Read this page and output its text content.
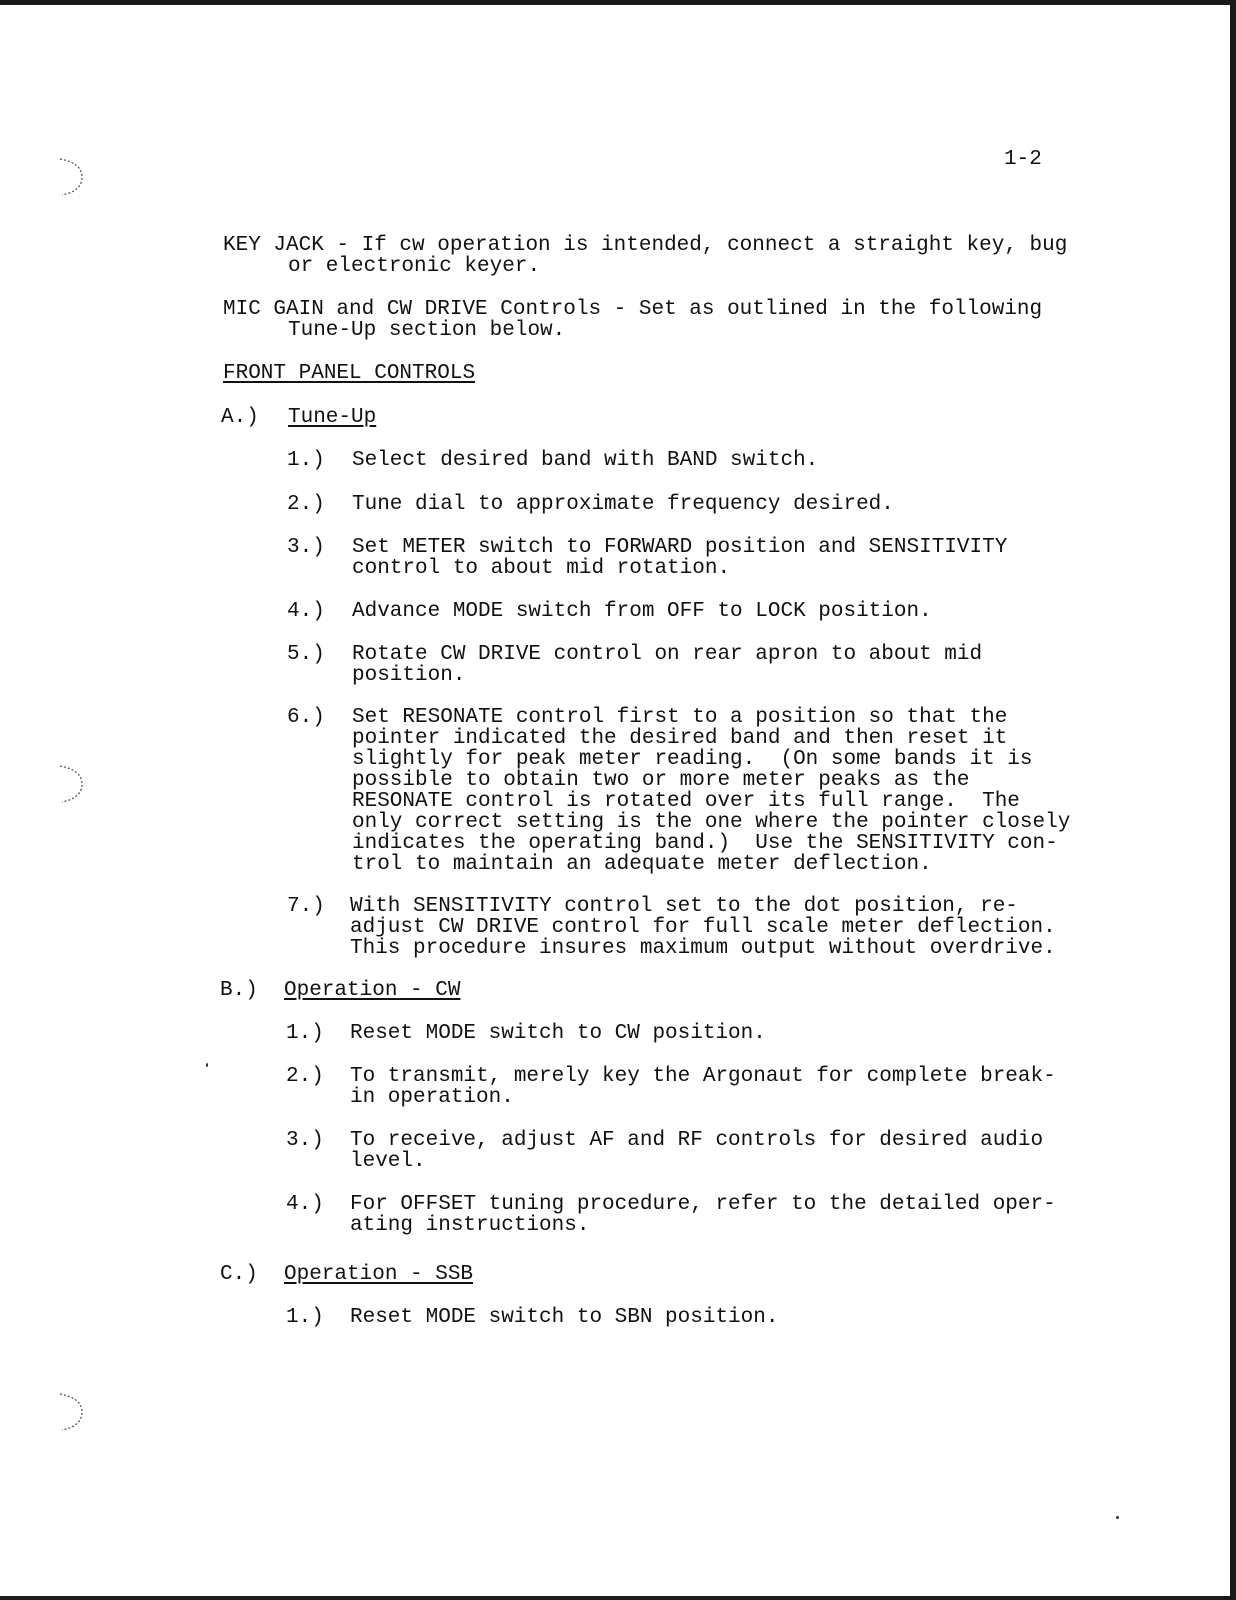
1-2
KEY JACK - If cw operation is intended, connect a straight key, bug
or electronic keyer.
MIC GAIN and CW DRIVE Controls - Set as outlined in the following
Tune-Up section below.
FRONT PANEL CONTROLS
A.) Tune-Up
1.) Select desired band with BAND switch.
2.) Tune dial to approximate frequency desired.
3.) Set METER switch to FORWARD position and SENSITIVITY
control to about mid rotation.
4.) Advance MODE switch from OFF to LOCK position.
5.) Rotate CW DRIVE control on rear apron to about mid
position.
6.) Set RESONATE control first to a position so that the
pointer indicated the desired band and then reset it
slightly for peak meter reading.  (On some bands it is
possible to obtain two or more meter peaks as the
RESONATE control is rotated over its full range.  The
only correct setting is the one where the pointer closely
indicates the operating band.)  Use the SENSITIVITY con-
trol to maintain an adequate meter deflection.
7.) With SENSITIVITY control set to the dot position, re-
adjust CW DRIVE control for full scale meter deflection.
This procedure insures maximum output without overdrive.
B.) Operation - CW
1.) Reset MODE switch to CW position.
2.) To transmit, merely key the Argonaut for complete break-
in operation.
3.) To receive, adjust AF and RF controls for desired audio
level.
4.) For OFFSET tuning procedure, refer to the detailed oper-
ating instructions.
C.) Operation - SSB
1.) Reset MODE switch to SBN position.
